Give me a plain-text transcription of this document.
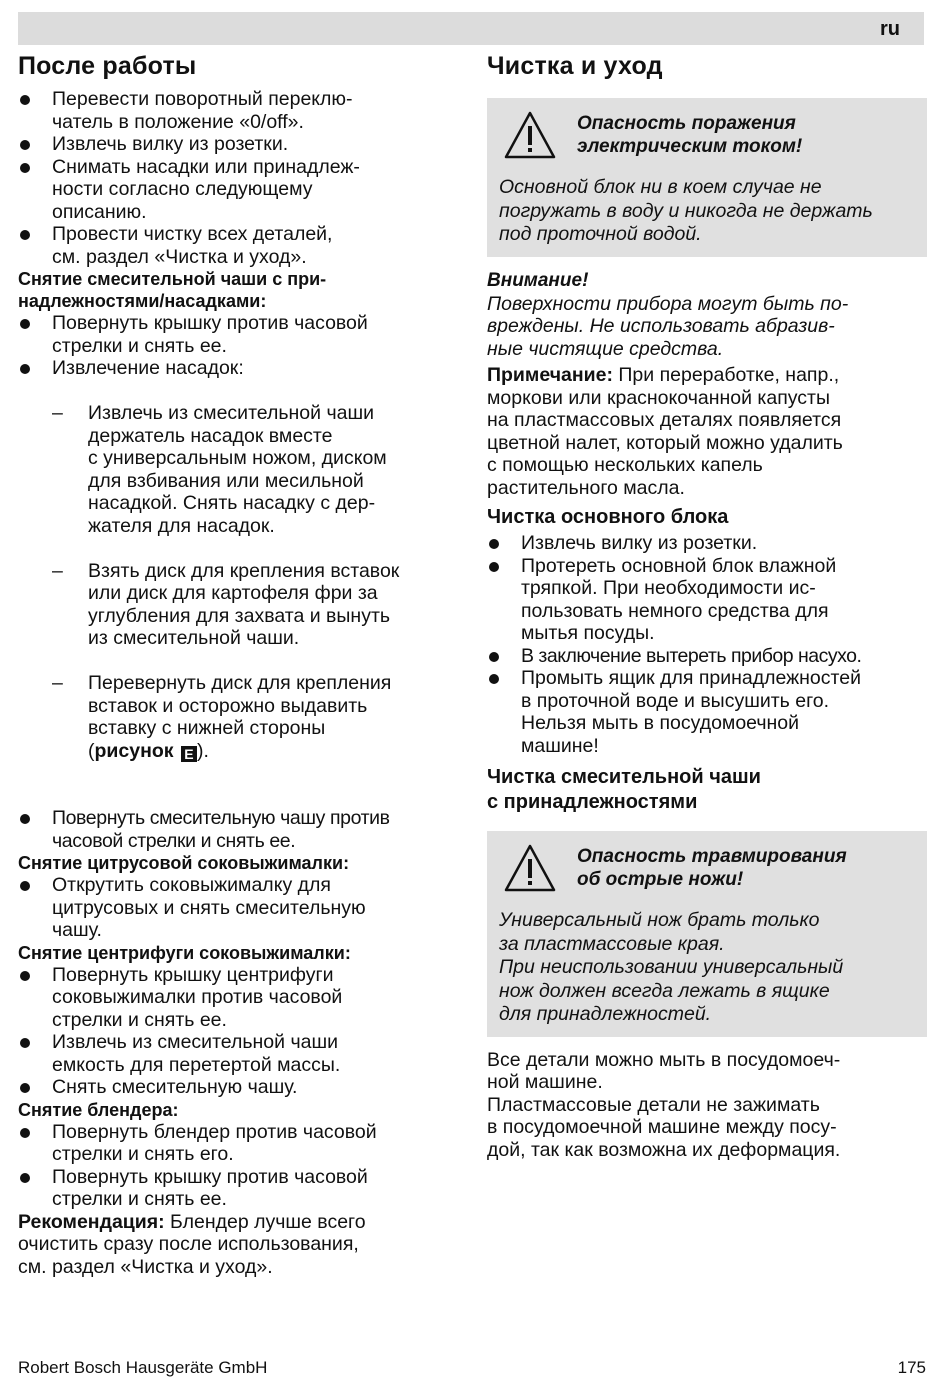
ru
После работы
Перевести поворотный переклю-
чатель в положение «0/off».
Извлечь вилку из розетки.
Снимать насадки или принадлеж-
ности согласно следующему
описанию.
Провести чистку всех деталей,
см. раздел «Чистка и уход».
Снятие смесительной чаши с при-
надлежностями/насадками:
Повернуть крышку против часовой
стрелки и снять ее.
Извлечение насадок:

– Извлечь из смесительной чаши
держатель насадок вместе
с универсальным ножом, диском
для взбивания или месильной
насадкой. Снять насадку с дер-
жателя для насадок.

– Взять диск для крепления вставок
или диск для картофеля фри за
углубления для захвата и вынуть
из смесительной чаши.

– Перевернуть диск для крепления
вставок и осторожно выдавить
вставку с нижней стороны
(рисунок E ).

Повернуть смесительную чашу против
часовой стрелки и снять ее.
Снятие цитрусовой соковыжималки:
Открутить соковыжималку для
цитрусовых и снять смесительную
чашу.
Снятие центрифуги соковыжималки:
Повернуть крышку центрифуги
соковыжималки против часовой
стрелки и снять ее.
Извлечь из смесительной чаши
емкость для перетертой массы.
Снять смесительную чашу.
Снятие блендера:
Повернуть блендер против часовой
стрелки и снять его.
Повернуть крышку против часовой
стрелки и снять ее.

Рекомендация: Блендер лучше всего
очистить сразу после использования,
см. раздел «Чистка и уход».

Чистка и уход
Опасность поражения
электрическим током!
Основной блок ни в коем случае не
погружать в воду и никогда не держать
под проточной водой.
Внимание!

Поверхности прибора могут быть по-
вреждены. Не использовать абразив-
ные чистящие средства.

Примечание: При переработке, напр.,
моркови или краснокочанной капусты
на пластмассовых деталях появляется
цветной налет, который можно удалить
с помощью нескольких капель
растительного масла.

Чистка основного блока
Извлечь вилку из розетки.
Протереть основной блок влажной
тряпкой. При необходимости ис-
пользовать немного средства для
мытья посуды.
В заключение вытереть прибор насухо.
Промыть ящик для принадлежностей
в проточной воде и высушить его.
Нельзя мыть в посудомоечной
машине!
Чистка смесительной чаши
с принадлежностями
Опасность травмирования
об острые ножи!
Универсальный нож брать только
за пластмассовые края.
При неиспользовании универсальный
нож должен всегда лежать в ящике
для принадлежностей.

Все детали можно мыть в посудомоеч-
ной машине.
Пластмассовые детали не зажимать
в посудомоечной машине между посу-
дой, так как возможна их деформация.

Robert Bosch Hausgeräte GmbH	175
